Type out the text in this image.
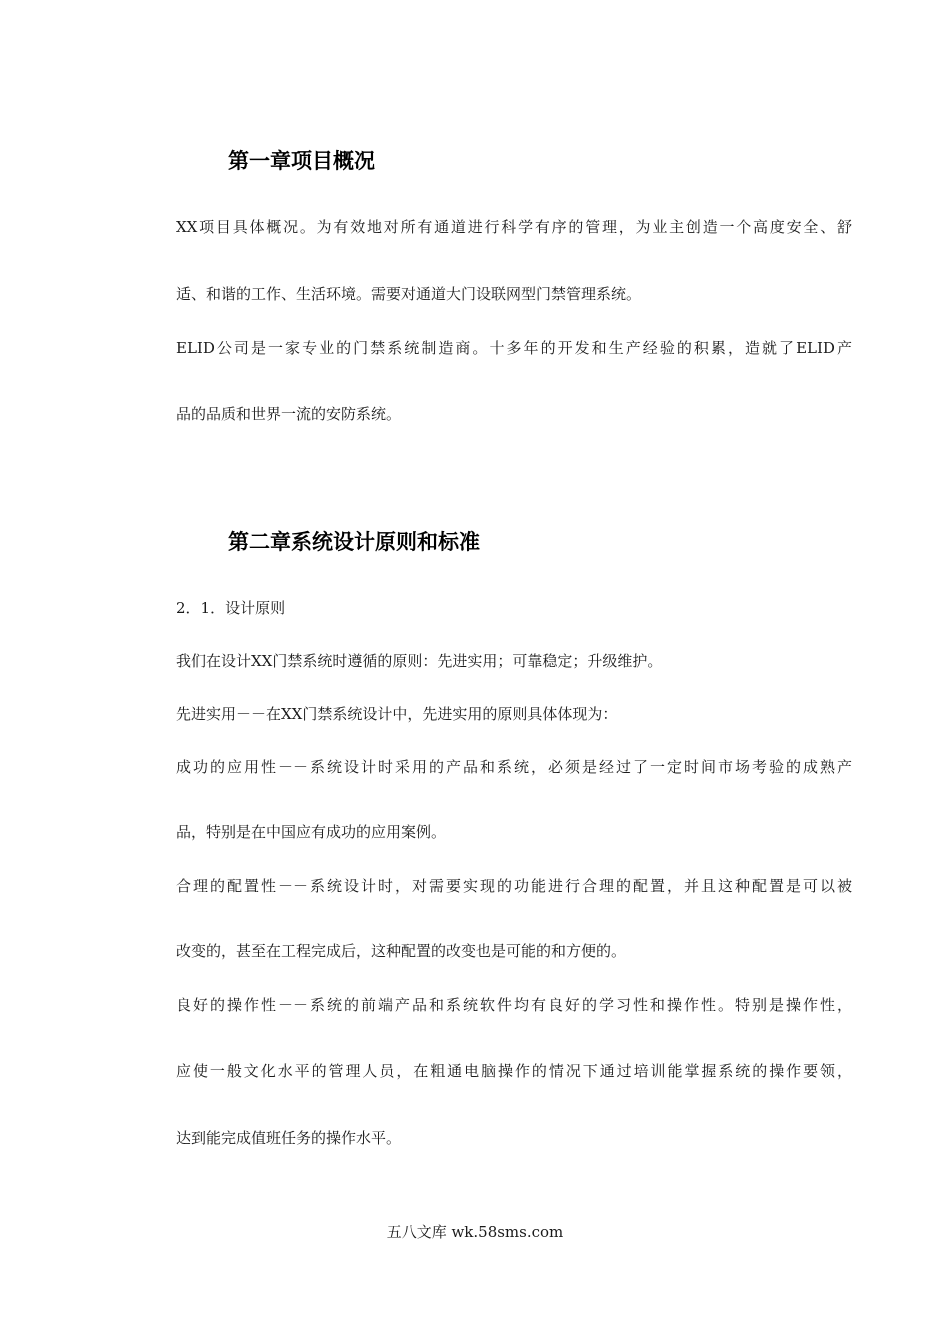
第一章项目概况

XX项目具体概况。为有效地对所有通道进行科学有序的管理，为业主创造一个高度安全、舒

适、和谐的工作、生活环境。需要对通道大门设联网型门禁管理系统。

ELID公司是一家专业的门禁系统制造商。十多年的开发和生产经验的积累，造就了ELID产

品的品质和世界一流的安防系统。

第二章系统设计原则和标准

2．1．设计原则

我们在设计XX门禁系统时遵循的原则：先进实用；可靠稳定；升级维护。

先进实用－－在XX门禁系统设计中，先进实用的原则具体体现为：

成功的应用性－－系统设计时采用的产品和系统，必须是经过了一定时间市场考验的成熟产

品，特别是在中国应有成功的应用案例。

合理的配置性－－系统设计时，对需要实现的功能进行合理的配置，并且这种配置是可以被

改变的，甚至在工程完成后，这种配置的改变也是可能的和方便的。

良好的操作性－－系统的前端产品和系统软件均有良好的学习性和操作性。特别是操作性，

应使一般文化水平的管理人员，在粗通电脑操作的情况下通过培训能掌握系统的操作要领，

达到能完成值班任务的操作水平。

五八文库 wk.58sms.com
